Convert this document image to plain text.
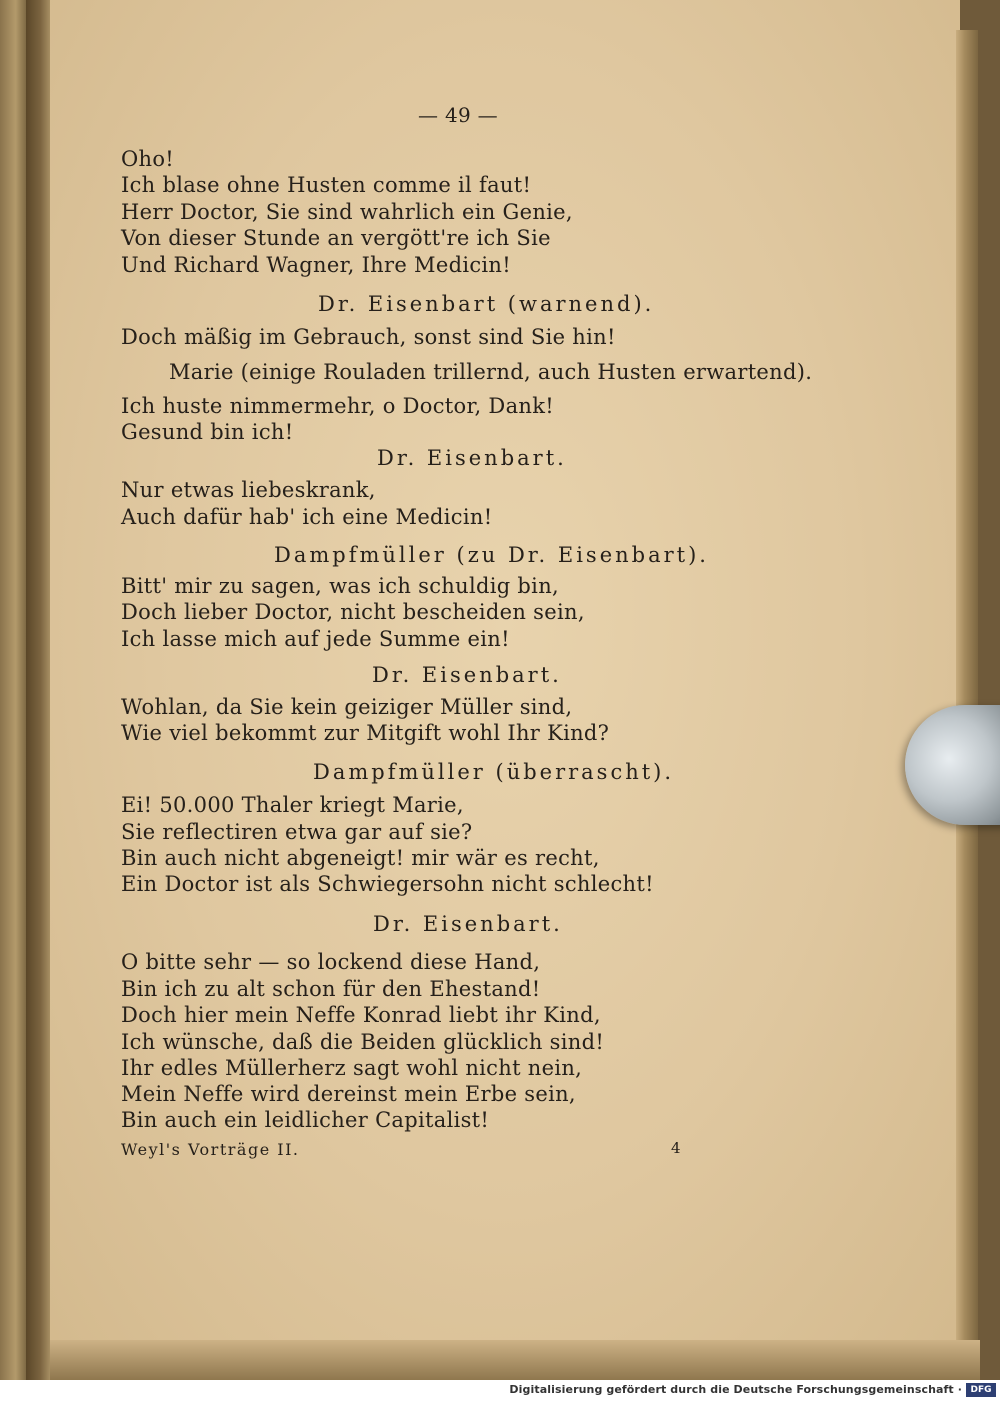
— 49 —
Oho!
Ich blase ohne Husten comme il faut!
Herr Doctor, Sie sind wahrlich ein Genie,
Von dieser Stunde an vergött're ich Sie
Und Richard Wagner, Ihre Medicin!
Dr. Eisenbart (warnend).
Doch mäßig im Gebrauch, sonst sind Sie hin!
Marie (einige Rouladen trillernd, auch Husten erwartend).
Ich huste nimmermehr, o Doctor, Dank!
Gesund bin ich!
Dr. Eisenbart.
Nur etwas liebeskrank,
Auch dafür hab' ich eine Medicin!
Dampfmüller (zu Dr. Eisenbart).
Bitt' mir zu sagen, was ich schuldig bin,
Doch lieber Doctor, nicht bescheiden sein,
Ich lasse mich auf jede Summe ein!
Dr. Eisenbart.
Wohlan, da Sie kein geiziger Müller sind,
Wie viel bekommt zur Mitgift wohl Ihr Kind?
Dampfmüller (überrascht).
Ei! 50.000 Thaler kriegt Marie,
Sie reflectiren etwa gar auf sie?
Bin auch nicht abgeneigt! mir wär es recht,
Ein Doctor ist als Schwiegersohn nicht schlecht!
Dr. Eisenbart.
O bitte sehr — so lockend diese Hand,
Bin ich zu alt schon für den Ehestand!
Doch hier mein Neffe Konrad liebt ihr Kind,
Ich wünsche, daß die Beiden glücklich sind!
Ihr edles Müllerherz sagt wohl nicht nein,
Mein Neffe wird dereinst mein Erbe sein,
Bin auch ein leidlicher Capitalist!
Weyl's Vorträge II.	4
Digitalisierung gefördert durch die Deutsche Forschungsgemeinschaft · DFG
